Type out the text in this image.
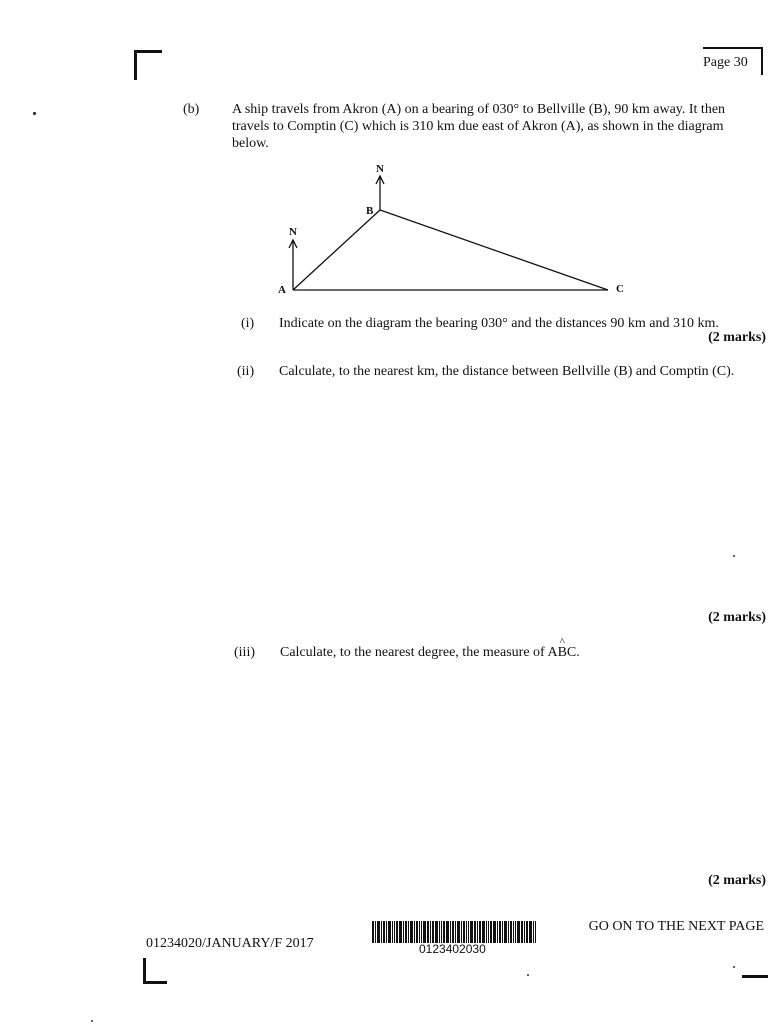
Page 30
(b) A ship travels from Akron (A) on a bearing of 030° to Bellville (B), 90 km away. It then
travels to Comptin (C) which is 310 km due east of Akron (A), as shown in the diagram
below.
N
N
A
B
C
(i) Indicate on the diagram the bearing 030° and the distances 90 km and 310 km.
(2 marks)
(ii) Calculate, to the nearest km, the distance between Bellville (B) and Comptin (C).
(2 marks)
(iii) Calculate, to the nearest degree, the measure of A
^
BC.
(2 marks)
GO ON TO THE NEXT PAGE
01234020/JANUARY/F 2017	0123402030
